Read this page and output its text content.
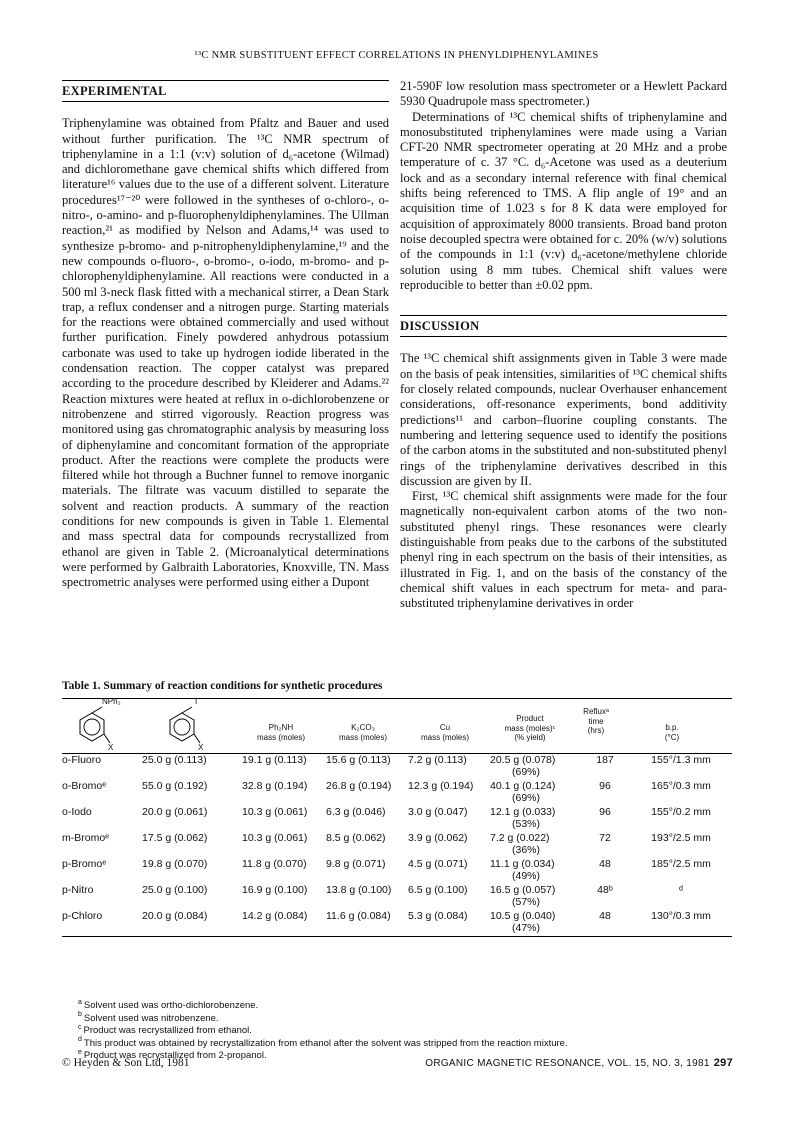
¹³C NMR SUBSTITUENT EFFECT CORRELATIONS IN PHENYLDIPHENYLAMINES
EXPERIMENTAL

Triphenylamine was obtained from Pfaltz and Bauer and used without further purification. The ¹³C NMR spectrum of triphenylamine in a 1:1 (v:v) solution of d₆-acetone (Wilmad) and dichloromethane gave chemical shifts which differed from literature¹⁶ values due to the use of a different solvent. Literature procedures¹⁷⁻²⁰ were followed in the syntheses of o-chloro-, o-nitro-, o-amino- and p-fluorophenyldiphenylamines. The Ullman reaction,²¹ as modified by Nelson and Adams,¹⁴ was used to synthesize p-bromo- and p-nitrophenyldiphenylamine,¹⁹ and the new compounds o-fluoro-, o-bromo-, o-iodo, m-bromo- and p-chlorophenyldiphenylamine. All reactions were conducted in a 500 ml 3-neck flask fitted with a mechanical stirrer, a Dean Stark trap, a reflux condenser and a nitrogen purge. Starting materials for the reactions were obtained commercially and used without further purification. Finely powdered anhydrous potassium carbonate was used to take up hydrogen iodide liberated in the condensation reaction. The copper catalyst was prepared according to the procedure described by Kleiderer and Adams.²² Reaction mixtures were heated at reflux in o-dichlorobenzene or nitrobenzene and stirred vigorously. Reaction progress was monitored using gas chromatographic analysis by measuring loss of diphenylamine and concomitant formation of the appropriate product. After the reactions were complete the products were filtered while hot through a Buchner funnel to remove inorganic materials. The filtrate was vacuum distilled to separate the solvent and reaction products. A summary of the reaction conditions for new compounds is given in Table 1. Elemental and mass spectral data for compounds recrystallized from ethanol are given in Table 2. (Microanalytical determinations were performed by Galbraith Laboratories, Knoxville, TN. Mass spectrometric analyses were performed using either a Dupont

21-590F low resolution mass spectrometer or a Hewlett Packard 5930 Quadrupole mass spectrometer.)

Determinations of ¹³C chemical shifts of triphenylamine and monosubstituted triphenylamines were made using a Varian CFT-20 NMR spectrometer operating at 20 MHz and a probe temperature of c. 37 °C. d₆-Acetone was used as a deuterium lock and as a secondary internal reference with final chemical shifts being referenced to TMS. A flip angle of 19° and an acquisition time of 1.023 s for 8 K data were employed for acquisition of approximately 8000 transients. Broad band proton noise decoupled spectra were obtained for c. 20% (w/v) solutions of the compounds in 1:1 (v:v) d₆-acetone/methylene chloride solution using 8 mm tubes. Chemical shift values were reproducible to better than ±0.02 ppm.

DISCUSSION

The ¹³C chemical shift assignments given in Table 3 were made on the basis of peak intensities, similarities of ¹³C chemical shifts for closely related compounds, nuclear Overhauser enhancement considerations, off-resonance experiments, bond additivity predictions¹¹ and carbon–fluorine coupling constants. The numbering and lettering sequence used to identify the positions of the carbon atoms in the substituted and non-substituted phenyl rings of the triphenylamine derivatives described in this discussion are given by II.

First, ¹³C chemical shift assignments were made for the four magnetically non-equivalent carbon atoms of the two non-substituted phenyl rings. These resonances were clearly distinguishable from peaks due to the carbons of the substituted phenyl ring in each spectrum on the basis of their intensities, as illustrated in Fig. 1, and on the basis of the constancy of the chemical shift values in each spectrum for meta- and para-substituted triphenylamine derivatives in order

Table 1. Summary of reaction conditions for synthetic procedures
NPh₂
X
I
X
Ph₂NH
mass (moles)
K₂CO₃
mass (moles)
Cu
mass (moles)
Product
mass (moles)ᶜ
(% yield)
Refluxᵃ
time
(hrs)	b.p.
(°C)
o-Fluoro	25.0 g (0.113)	19.1 g (0.113)	15.6 g (0.113)	7.2 g (0.113)	20.5 g (0.078)
(69%)	187	155°/1.3 mm
o-Bromoᵉ	55.0 g (0.192)	32.8 g (0.194)	26.8 g (0.194)	12.3 g (0.194)	40.1 g (0.124)
(69%)	96	165°/0.3 mm
o-Iodo	20.0 g (0.061)	10.3 g (0.061)	6.3 g (0.046)	3.0 g (0.047)	12.1 g (0.033)
(53%)	96	155°/0.2 mm
m-Bromoᵉ	17.5 g (0.062)	10.3 g (0.061)	8.5 g (0.062)	3.9 g (0.062)	7.2 g (0.022)
(36%)	72	193°/2.5 mm
p-Bromoᵉ	19.8 g (0.070)	11.8 g (0.070)	9.8 g (0.071)	4.5 g (0.071)	11.1 g (0.034)
(49%)	48	185°/2.5 mm
p-Nitro	25.0 g (0.100)	16.9 g (0.100)	13.8 g (0.100)	6.5 g (0.100)	16.5 g (0.057)
(57%)	48ᵇ	ᵈ
p-Chloro	20.0 g (0.084)	14.2 g (0.084)	11.6 g (0.084)	5.3 g (0.084)	10.5 g (0.040)
(47%)	48	130°/0.3 mm
$^a$ Solvent used was ortho-dichlorobenzene.
$^b$ Solvent used was nitrobenzene.
$^c$ Product was recrystallized from ethanol.
$^d$ This product was obtained by recrystallization from ethanol after the solvent was stripped from the reaction mixture.
$^e$ Product was recrystallized from 2-propanol.
© Heyden & Son Ltd, 1981	ORGANIC MAGNETIC RESONANCE, VOL. 15, NO. 3, 1981 297
